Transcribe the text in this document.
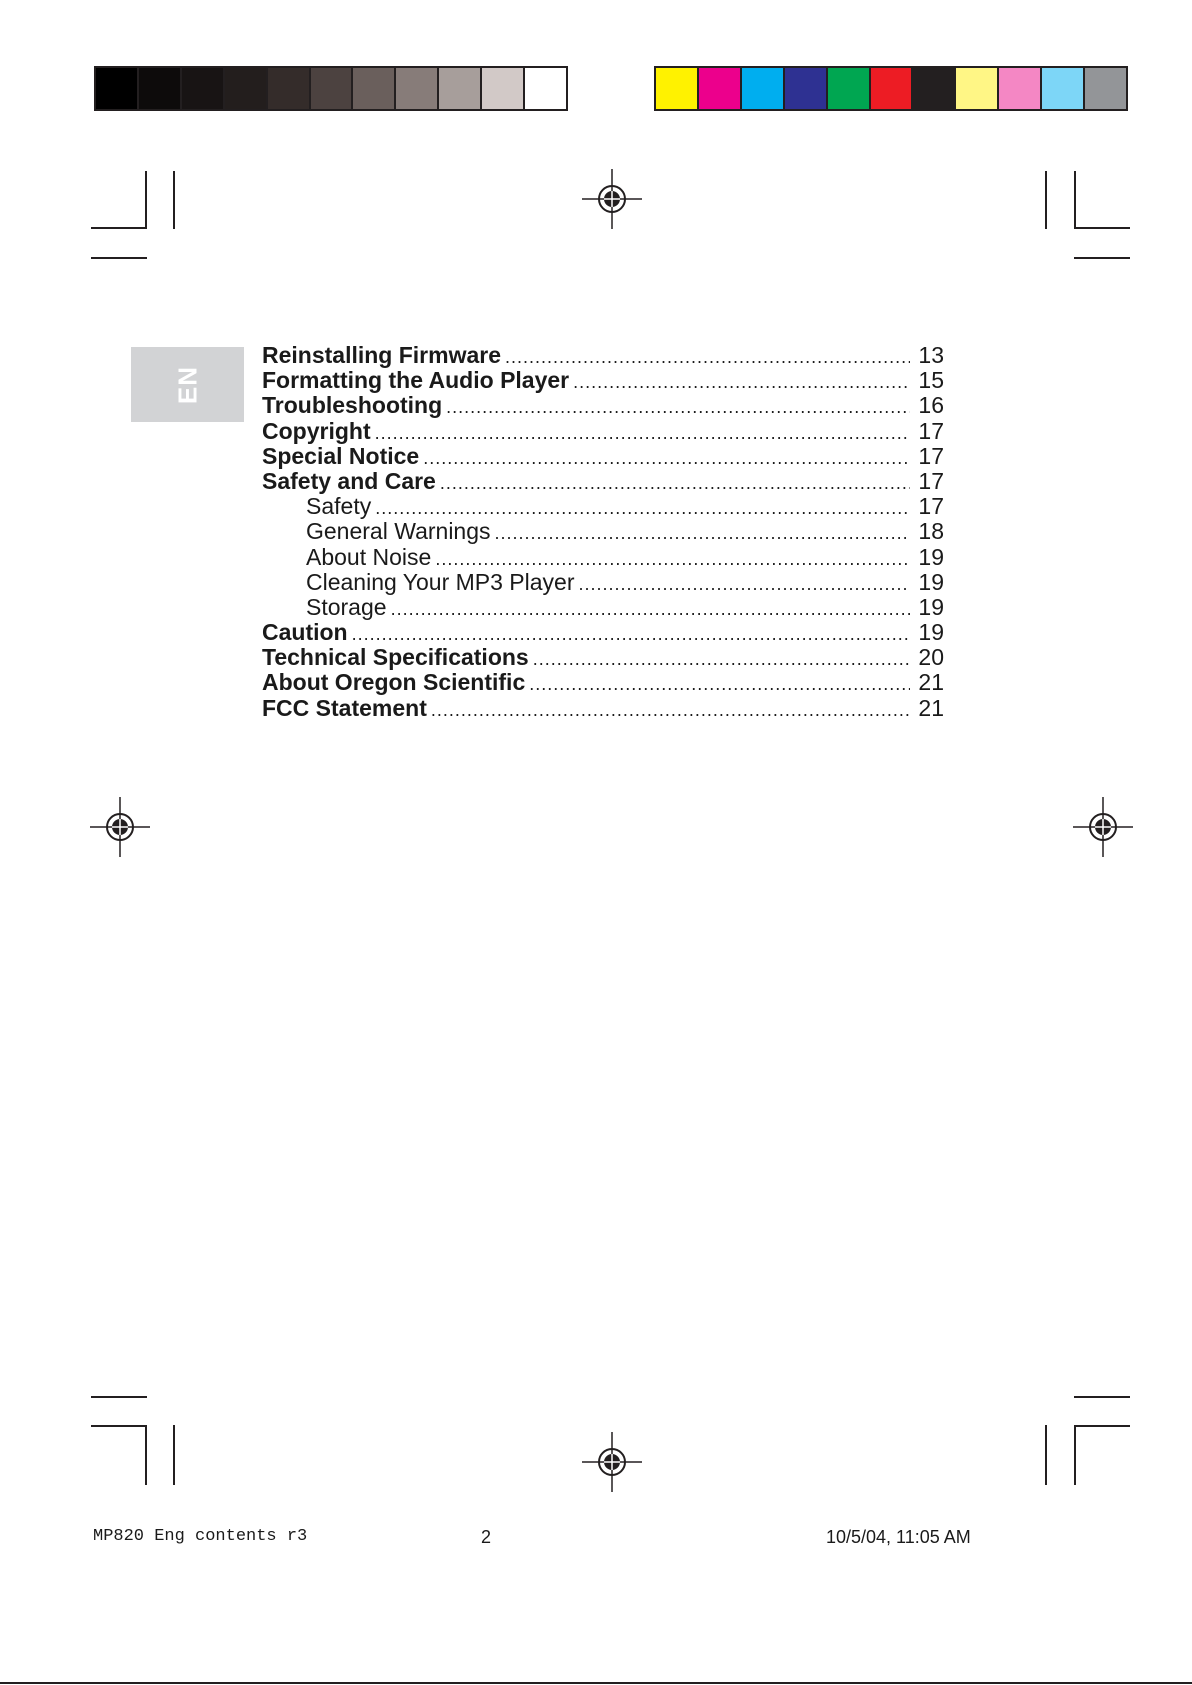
EN
Reinstalling Firmware .....	13
Formatting the Audio Player .....	15
Troubleshooting .....	16
Copyright .....	17
Special Notice .....	17
Safety and Care .....	17
Safety .....	17
General Warnings .....	18
About Noise .....	19
Cleaning Your MP3 Player .....	19
Storage .....	19
Caution .....	19
Technical Specifications .....	20
About Oregon Scientific .....	21
FCC Statement .....	21
MP820 Eng contents r3	2	10/5/04, 11:05 AM
